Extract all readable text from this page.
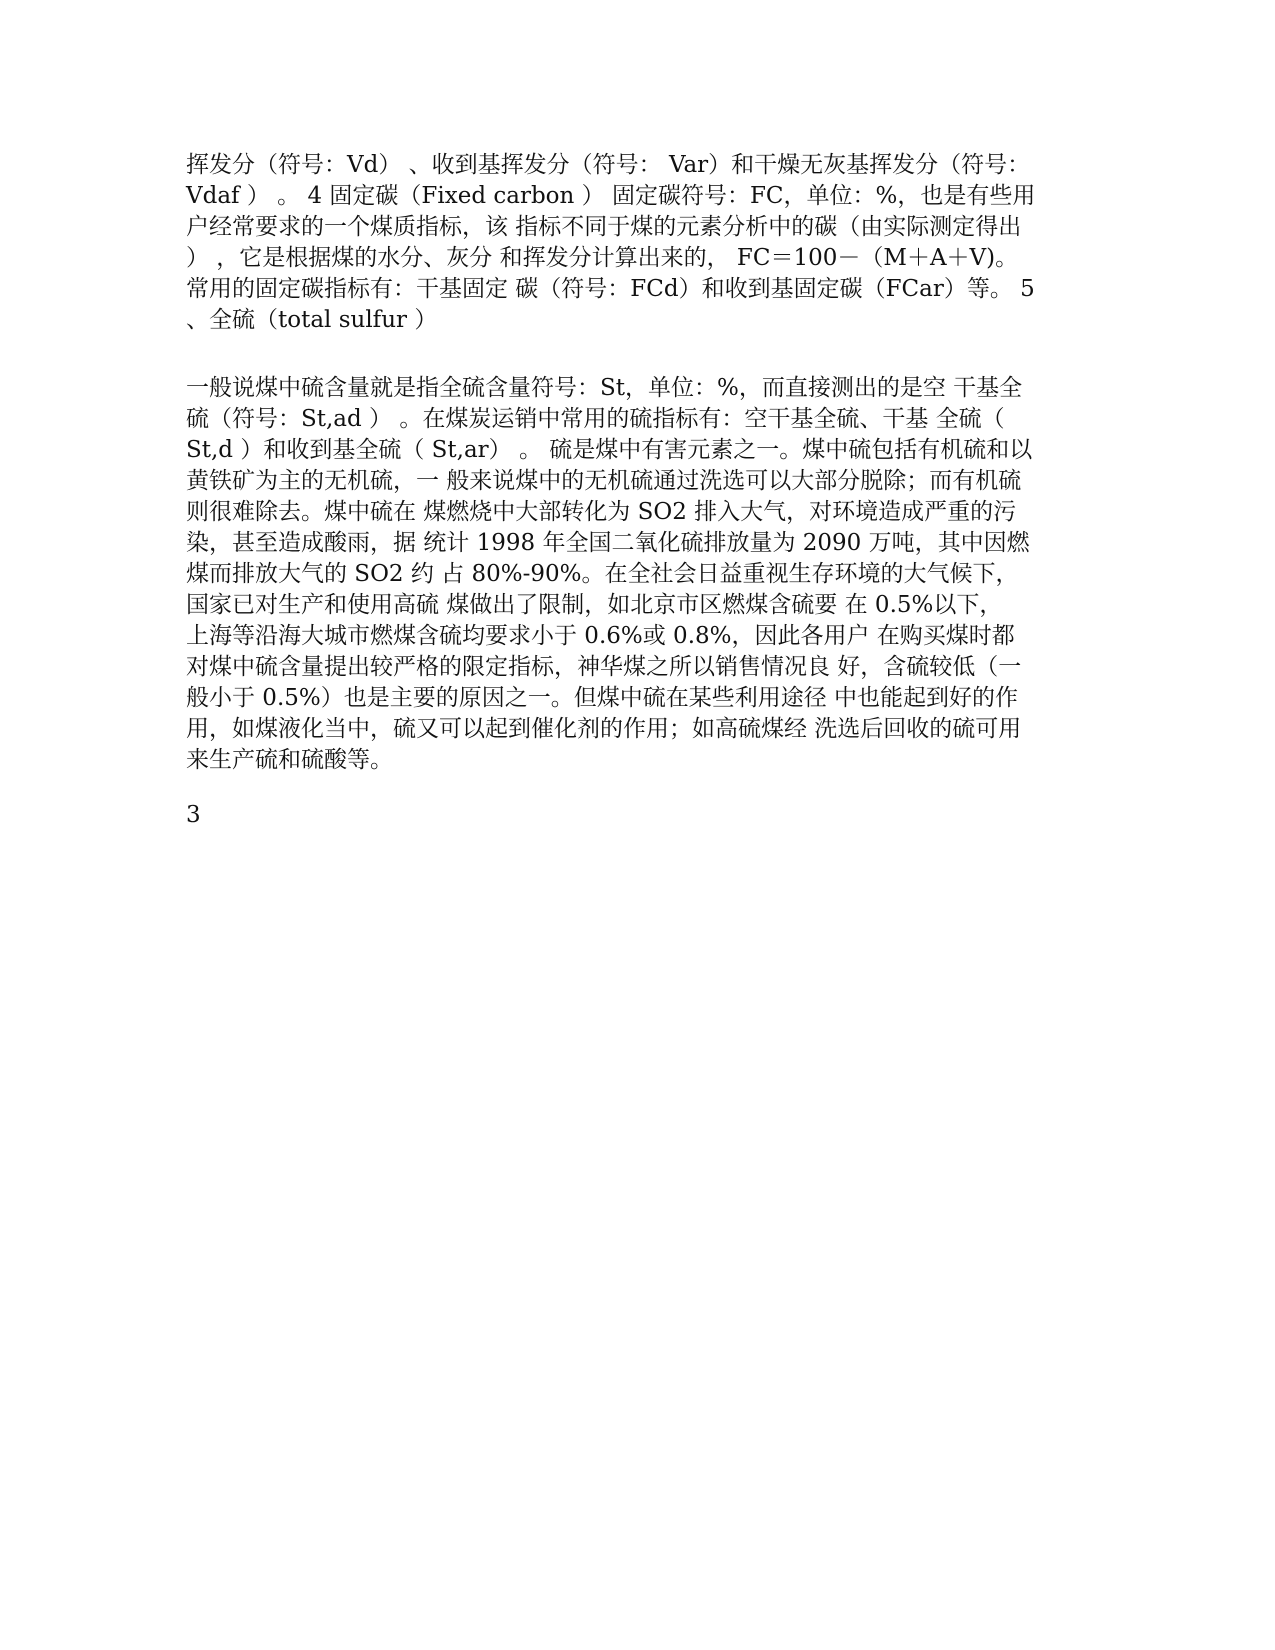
挥发分（符号：Vd） 、收到基挥发分（符号： Var）和干燥无灰基挥发分（符号：
Vdaf ） 。 4 固定碳（Fixed carbon ） 固定碳符号：FC，单位：%，也是有些用
户经常要求的一个煤质指标，该 指标不同于煤的元素分析中的碳（由实际测定得出
） ，它是根据煤的水分、灰分 和挥发分计算出来的， FC＝100－（M＋A＋V)。
常用的固定碳指标有：干基固定 碳（符号：FCd）和收到基固定碳（FCar）等。 5
、全硫（total sulfur ）
一般说煤中硫含量就是指全硫含量符号：St，单位：%，而直接测出的是空 干基全
硫（符号：St,ad ） 。在煤炭运销中常用的硫指标有：空干基全硫、干基 全硫（
St,d ）和收到基全硫（ St,ar） 。 硫是煤中有害元素之一。煤中硫包括有机硫和以
黄铁矿为主的无机硫，一 般来说煤中的无机硫通过洗选可以大部分脱除；而有机硫
则很难除去。煤中硫在 煤燃烧中大部转化为 SO2 排入大气，对环境造成严重的污
染，甚至造成酸雨，据 统计 1998 年全国二氧化硫排放量为 2090 万吨，其中因燃
煤而排放大气的 SO2 约 占 80%-90%。在全社会日益重视生存环境的大气候下，
国家已对生产和使用高硫 煤做出了限制，如北京市区燃煤含硫要 在 0.5%以下，
上海等沿海大城市燃煤含硫均要求小于 0.6%或 0.8%，因此各用户 在购买煤时都
对煤中硫含量提出较严格的限定指标，神华煤之所以销售情况良 好，含硫较低（一
般小于 0.5%）也是主要的原因之一。但煤中硫在某些利用途径 中也能起到好的作
用，如煤液化当中，硫又可以起到催化剂的作用；如高硫煤经 洗选后回收的硫可用
来生产硫和硫酸等。
3
